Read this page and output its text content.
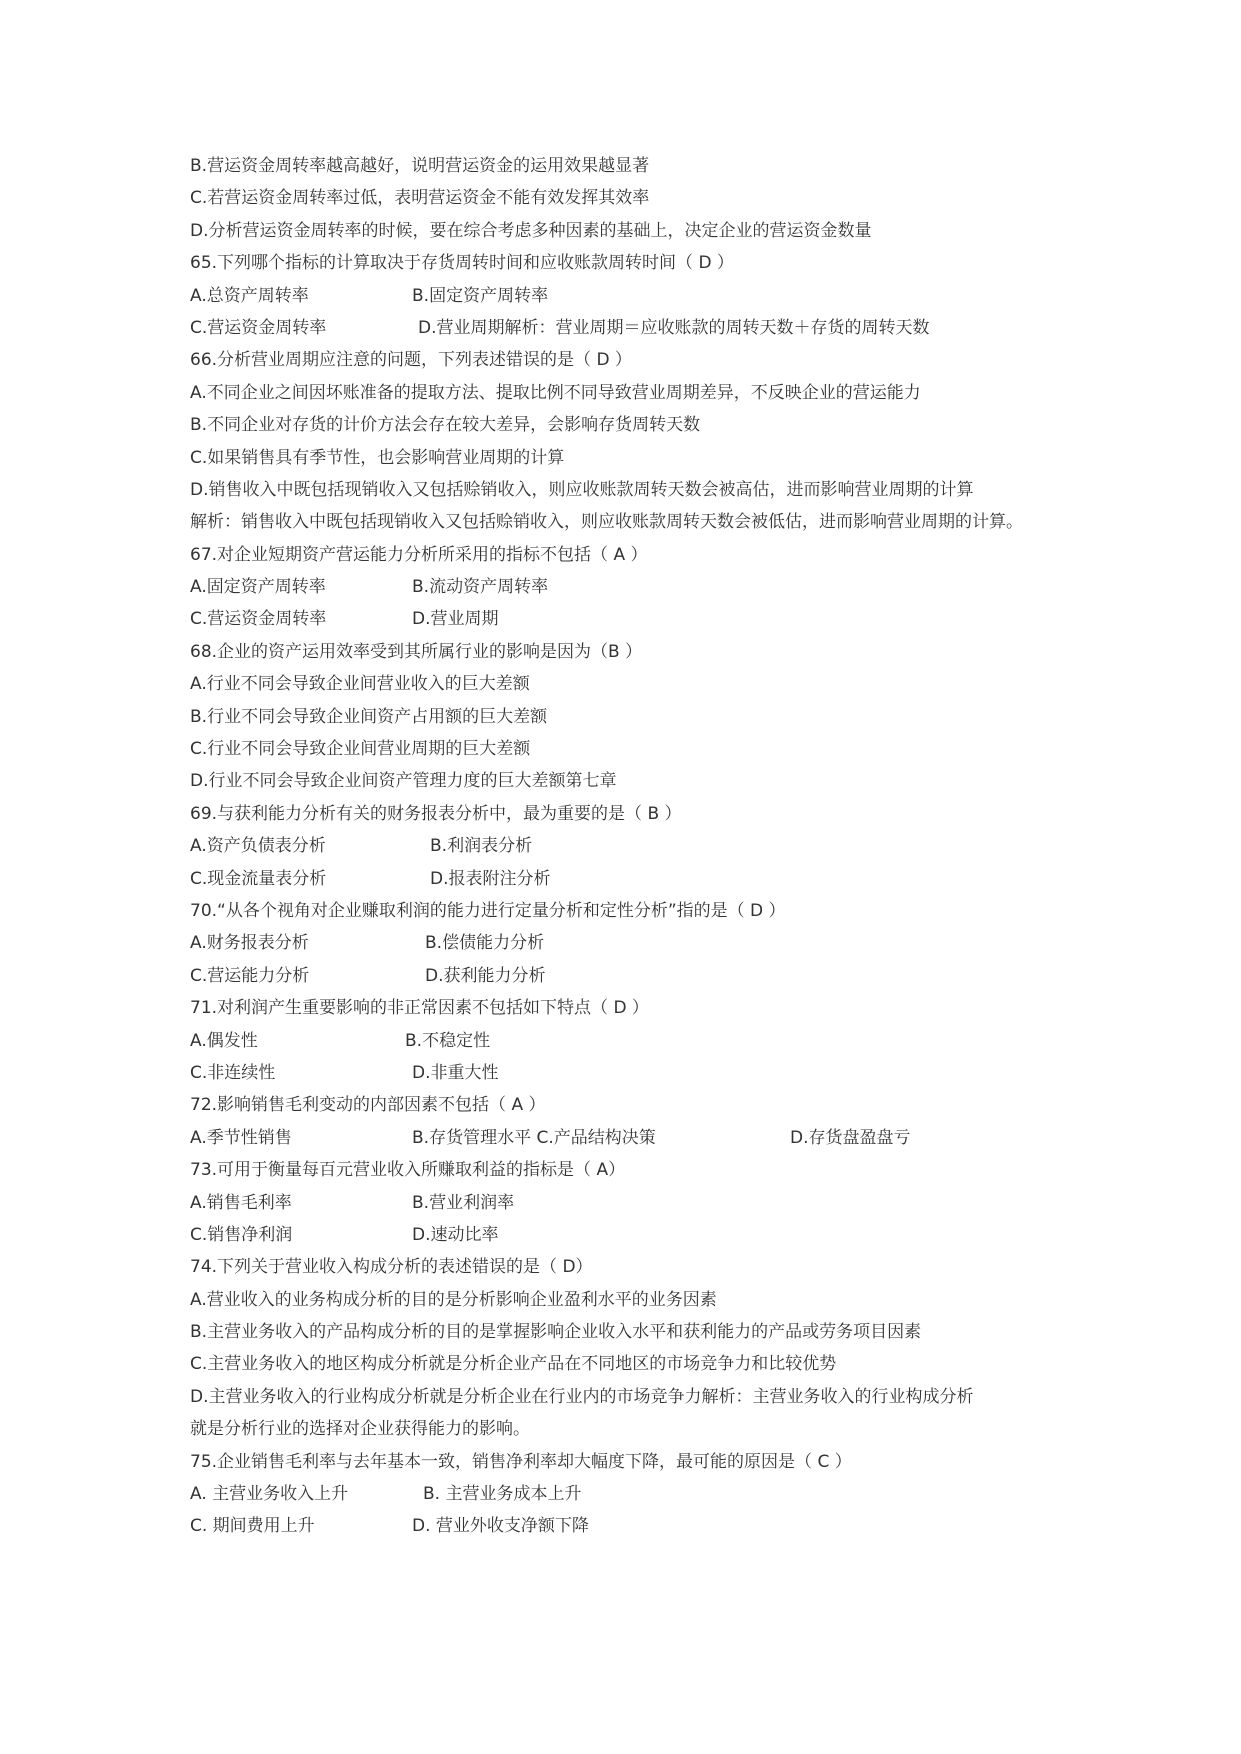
B.营运资金周转率越高越好，说明营运资金的运用效果越显著
C.若营运资金周转率过低，表明营运资金不能有效发挥其效率
D.分析营运资金周转率的时候，要在综合考虑多种因素的基础上，决定企业的营运资金数量
65.下列哪个指标的计算取决于存货周转时间和应收账款周转时间（ D ）
A.总资产周转率	B.固定资产周转率
C.营运资金周转率	D.营业周期解析：营业周期＝应收账款的周转天数＋存货的周转天数
66.分析营业周期应注意的问题，下列表述错误的是（ D ）
A.不同企业之间因坏账准备的提取方法、提取比例不同导致营业周期差异，不反映企业的营运能力
B.不同企业对存货的计价方法会存在较大差异，会影响存货周转天数
C.如果销售具有季节性，也会影响营业周期的计算
D.销售收入中既包括现销收入又包括赊销收入，则应收账款周转天数会被高估，进而影响营业周期的计算
解析：销售收入中既包括现销收入又包括赊销收入，则应收账款周转天数会被低估，进而影响营业周期的计算。
67.对企业短期资产营运能力分析所采用的指标不包括（ A ）
A.固定资产周转率	B.流动资产周转率
C.营运资金周转率	D.营业周期
68.企业的资产运用效率受到其所属行业的影响是因为（B ）
A.行业不同会导致企业间营业收入的巨大差额
B.行业不同会导致企业间资产占用额的巨大差额
C.行业不同会导致企业间营业周期的巨大差额
D.行业不同会导致企业间资产管理力度的巨大差额第七章
69.与获利能力分析有关的财务报表分析中，最为重要的是（ B ）
A.资产负债表分析	B.利润表分析
C.现金流量表分析	D.报表附注分析
70.“从各个视角对企业赚取利润的能力进行定量分析和定性分析”指的是（ D ）
A.财务报表分析	B.偿债能力分析
C.营运能力分析	D.获利能力分析
71.对利润产生重要影响的非正常因素不包括如下特点（ D ）
A.偶发性	B.不稳定性
C.非连续性	D.非重大性
72.影响销售毛利变动的内部因素不包括（ A ）
A.季节性销售	B.存货管理水平 C.产品结构决策	D.存货盘盈盘亏
73.可用于衡量每百元营业收入所赚取利益的指标是（ A）
A.销售毛利率	B.营业利润率
C.销售净利润	D.速动比率
74.下列关于营业收入构成分析的表述错误的是（ D）
A.营业收入的业务构成分析的目的是分析影响企业盈利水平的业务因素
B.主营业务收入的产品构成分析的目的是掌握影响企业收入水平和获利能力的产品或劳务项目因素
C.主营业务收入的地区构成分析就是分析企业产品在不同地区的市场竞争力和比较优势
D.主营业务收入的行业构成分析就是分析企业在行业内的市场竞争力解析：主营业务收入的行业构成分析
就是分析行业的选择对企业获得能力的影响。
75.企业销售毛利率与去年基本一致，销售净利率却大幅度下降，最可能的原因是（ C ）
A. 主营业务收入上升	B. 主营业务成本上升
C. 期间费用上升	D. 营业外收支净额下降
